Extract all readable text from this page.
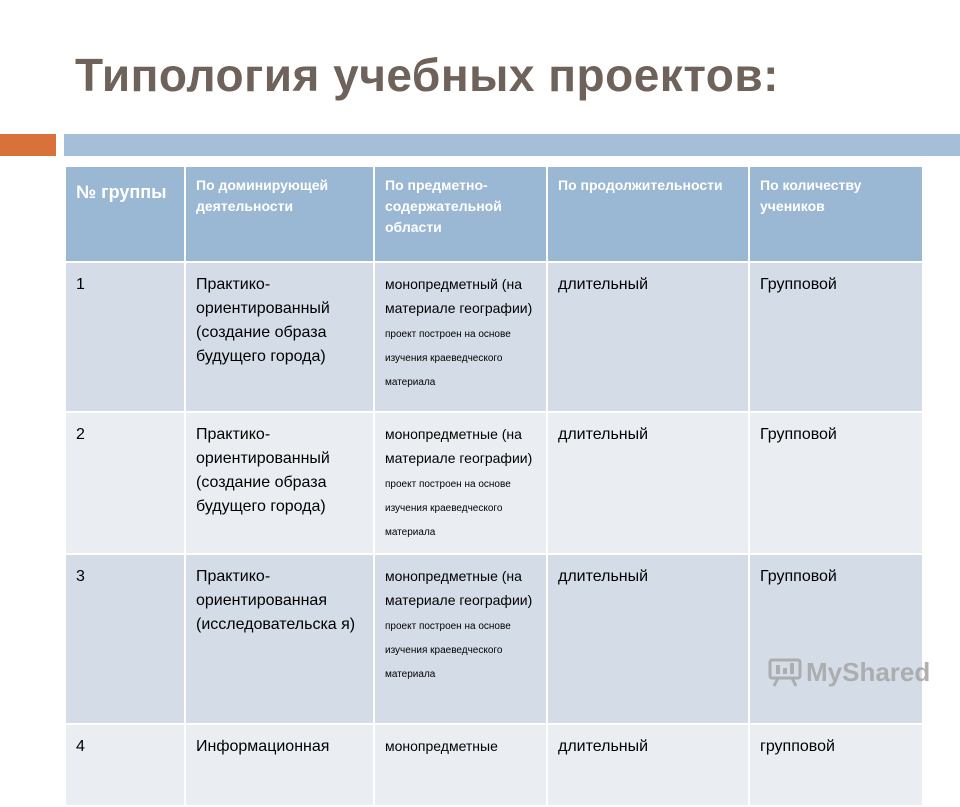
Типология учебных проектов:
№ группы	По доминирующей деятельности	По предметно-содержательной области	По продолжительности	По количеству учеников
1	Практико-ориентированный (создание образа будущего города)	монопредметный (на материале географии) проект построен на основе изучения краеведческого материала	длительный	Групповой
2	Практико-ориентированный (создание образа будущего города)	монопредметные (на материале географии) проект построен на основе изучения краеведческого материала	длительный	Групповой
3	Практико-ориентированная (исследовательска я)	монопредметные (на материале географии) проект построен на основе изучения краеведческого материала	длительный	Групповой
4	Информационная	монопредметные	длительный	групповой
MyShared
